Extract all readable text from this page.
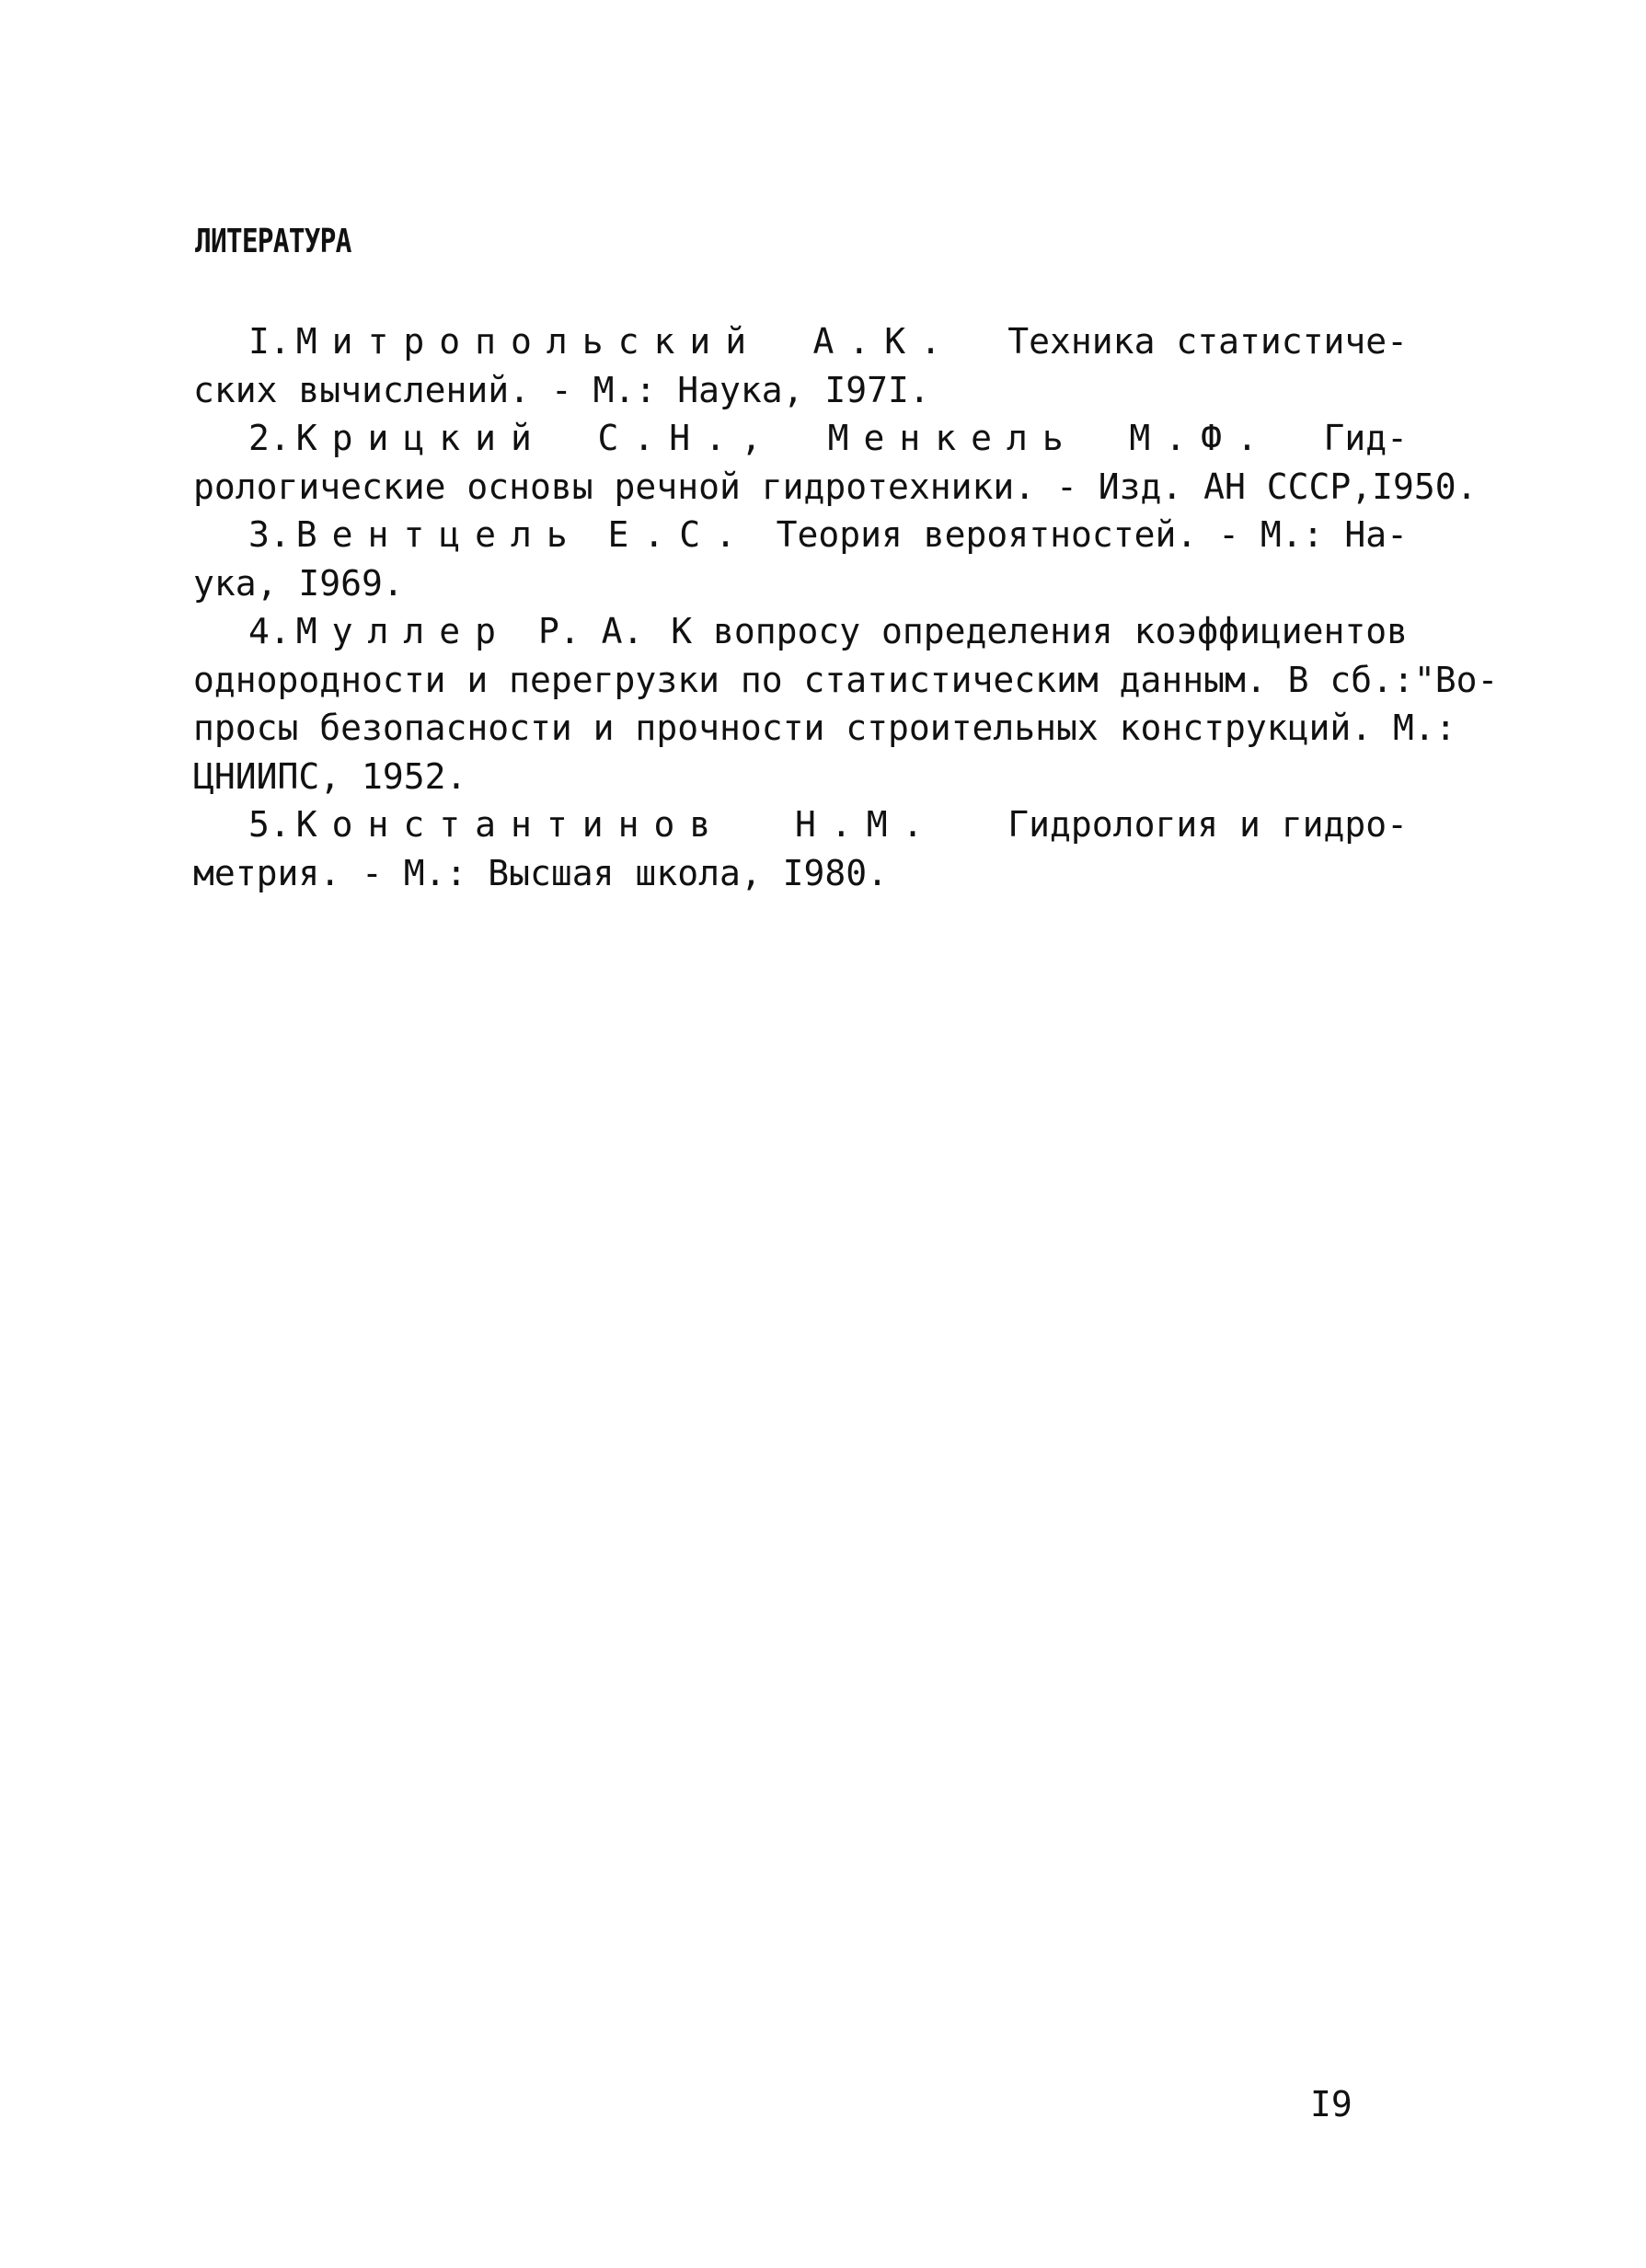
ЛИТЕРАТУРА
I. Митропольский А.К. Техника статистиче-
ских вычислений. - М.: Наука, I97I.
2. Крицкий С.Н., Менкель М.Ф. Гид-
рологические основы речной гидротехники. - Изд. АН СССР,I950.
3. Вентцель Е.С. Теория вероятностей. - М.: На-
ука, I969.
4. Муллер Р. А. К вопросу определения коэффициентов
однородности и перегрузки по статистическим данным. В сб.:"Во-
просы безопасности и прочности строительных конструкций. М.:
ЦНИИПС, 1952.
5. Константинов Н.М. Гидрология и гидро-
метрия. - М.: Высшая школа, I980.
I9
